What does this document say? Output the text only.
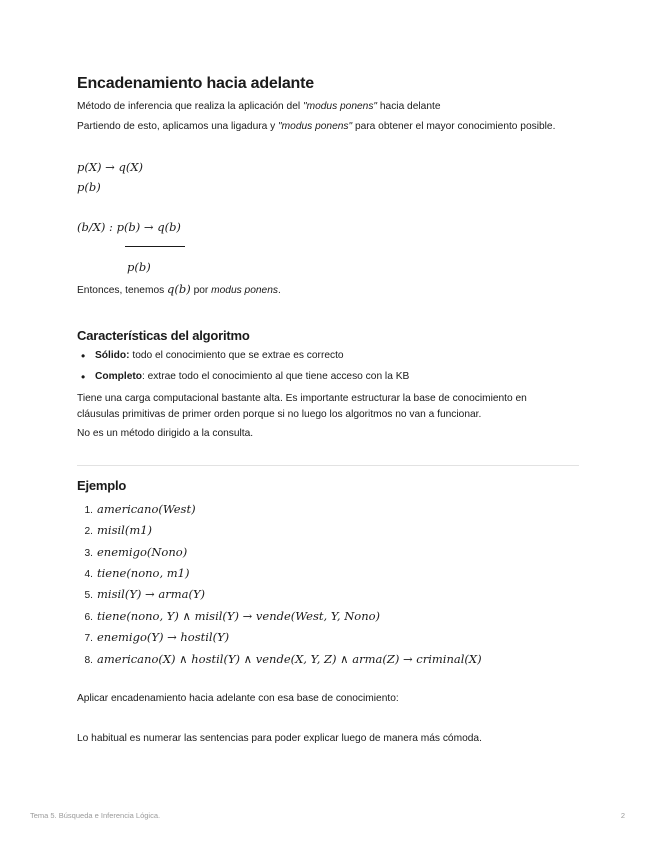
Encadenamiento hacia adelante
Método de inferencia que realiza la aplicación del "modus ponens" hacia delante
Partiendo de esto, aplicamos una ligadura y "modus ponens" para obtener el mayor conocimiento posible.
p(X) → q(X)
p(b)
(b/X) : p(b) → q(b)
p(b)
Entonces, tenemos q(b) por modus ponens.
Características del algoritmo
• Sólido: todo el conocimiento que se extrae es correcto
• Completo: extrae todo el conocimiento al que tiene acceso con la KB
Tiene una carga computacional bastante alta. Es importante estructurar la base de conocimiento en cláusulas primitivas de primer orden porque si no luego los algoritmos no van a funcionar.
No es un método dirigido a la consulta.
Ejemplo
1. americano(West)
2. misil(m1)
3. enemigo(Nono)
4. tiene(nono, m1)
5. misil(Y) → arma(Y)
6. tiene(nono, Y) ∧ misil(Y) → vende(West, Y, Nono)
7. enemigo(Y) → hostil(Y)
8. americano(X) ∧ hostil(Y) ∧ vende(X, Y, Z) ∧ arma(Z) → criminal(X)
Aplicar encadenamiento hacia adelante con esa base de conocimiento:
Lo habitual es numerar las sentencias para poder explicar luego de manera más cómoda.
Tema 5. Búsqueda e Inferencia Lógica.	2
